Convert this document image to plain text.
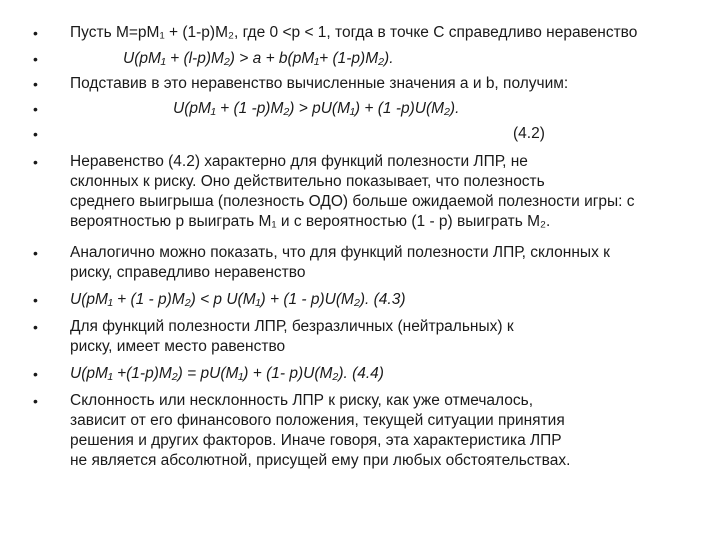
• Пусть М=рМ₁ + (1-р)М₂, где 0 <р < 1, тогда в точке С справедливо неравенство
•	U(рM₁ + (l-р)M₂) > a + b(рM₁+ (1-р)M₂).
• Подставив в это неравенство вычисленные значения a и b, получим:
•	U(рM₁ + (1 -р)M₂) > рU(M₁) + (1 -р)U(M₂).
•	(4.2)
• Неравенство (4.2) характерно для функций полезности ЛПР, не
склонных к риску. Оно действительно показывает, что полезность
среднего выигрыша (полезность ОДО) больше ожидаемой полезности игры: с
вероятностью р выиграть М₁ и с вероятностью (1 - р) выиграть М₂.
• Аналогично можно показать, что для функций полезности ЛПР, склонных к
риску, справедливо неравенство
• U(рM₁ + (1 - р)M₂) < р U(M₁) + (1 - р)U(M₂). (4.3)
• Для функций полезности ЛПР, безразличных (нейтральных) к
риску, имеет место равенство
• U(рM₁ +(1-р)M₂) = рU(M₁) + (1- р)U(M₂). (4.4)
• Склонность или несклонность ЛПР к риску, как уже отмечалось,
зависит от его финансового положения, текущей ситуации принятия
решения и других факторов. Иначе говоря, эта характеристика ЛПР
не является абсолютной, присущей ему при любых обстоятельствах.
